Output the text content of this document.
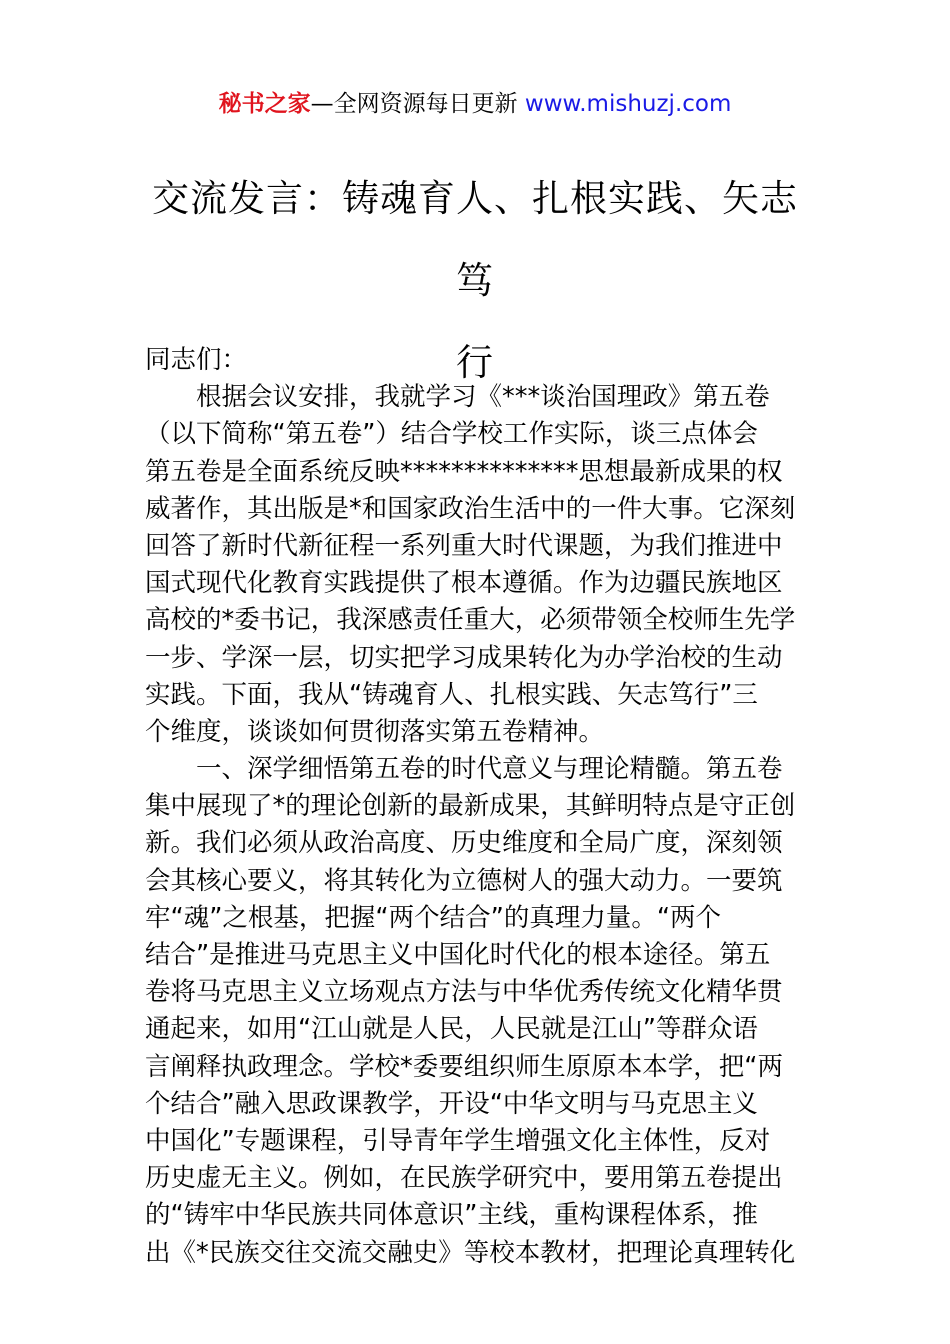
秘书之家—全网资源每日更新 www.mishuzj.com
交流发言：铸魂育人、扎根实践、矢志笃
行
同志们：
根据会议安排，我就学习《***谈治国理政》第五卷
（以下简称“第五卷”）结合学校工作实际，谈三点体会
第五卷是全面系统反映**************思想最新成果的权
威著作，其出版是*和国家政治生活中的一件大事。它深刻
回答了新时代新征程一系列重大时代课题，为我们推进中
国式现代化教育实践提供了根本遵循。作为边疆民族地区
高校的*委书记，我深感责任重大，必须带领全校师生先学
一步、学深一层，切实把学习成果转化为办学治校的生动
实践。下面，我从“铸魂育人、扎根实践、矢志笃行”三
个维度，谈谈如何贯彻落实第五卷精神。
一、深学细悟第五卷的时代意义与理论精髓。第五卷
集中展现了*的理论创新的最新成果，其鲜明特点是守正创
新。我们必须从政治高度、历史维度和全局广度，深刻领
会其核心要义，将其转化为立德树人的强大动力。一要筑
牢“魂”之根基，把握“两个结合”的真理力量。“两个
结合”是推进马克思主义中国化时代化的根本途径。第五
卷将马克思主义立场观点方法与中华优秀传统文化精华贯
通起来，如用“江山就是人民，人民就是江山”等群众语
言阐释执政理念。学校*委要组织师生原原本本学，把“两
个结合”融入思政课教学，开设“中华文明与马克思主义
中国化”专题课程，引导青年学生增强文化主体性，反对
历史虚无主义。例如，在民族学研究中，要用第五卷提出
的“铸牢中华民族共同体意识”主线，重构课程体系，推
出《*民族交往交流交融史》等校本教材，把理论真理转化
